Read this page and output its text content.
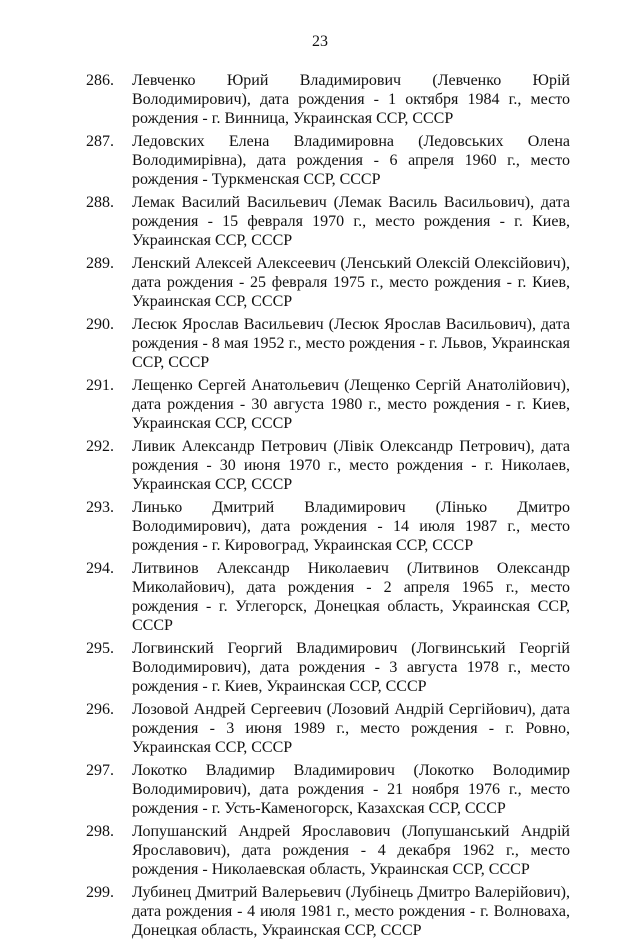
23
286.	Левченко Юрий Владимирович (Левченко Юрій Володимирович), дата рождения - 1 октября 1984 г., место рождения - г. Винница, Украинская ССР, СССР
287.	Ледовских Елена Владимировна (Ледовських Олена Володимирівна), дата рождения - 6 апреля 1960 г., место рождения - Туркменская ССР, СССР
288.	Лемак Василий Васильевич (Лемак Василь Васильович), дата рождения - 15 февраля 1970 г., место рождения - г. Киев, Украинская ССР, СССР
289.	Ленский Алексей Алексеевич (Ленський Олексій Олексійович), дата рождения - 25 февраля 1975 г., место рождения - г. Киев, Украинская ССР, СССР
290.	Лесюк Ярослав Васильевич (Лесюк Ярослав Васильович), дата рождения - 8 мая 1952 г., место рождения - г. Львов, Украинская ССР, СССР
291.	Лещенко Сергей Анатольевич (Лещенко Сергій Анатолійович), дата рождения - 30 августа 1980 г., место рождения - г. Киев, Украинская ССР, СССР
292.	Ливик Александр Петрович (Лівік Олександр Петрович), дата рождения - 30 июня 1970 г., место рождения - г. Николаев, Украинская ССР, СССР
293.	Линько Дмитрий Владимирович (Лінько Дмитро Володимирович), дата рождения - 14 июля 1987 г., место рождения - г. Кировоград, Украинская ССР, СССР
294.	Литвинов Александр Николаевич (Литвинов Олександр Миколайович), дата рождения - 2 апреля 1965 г., место рождения - г. Углегорск, Донецкая область, Украинская ССР, СССР
295.	Логвинский Георгий Владимирович (Логвинський Георгій Володимирович), дата рождения - 3 августа 1978 г., место рождения - г. Киев, Украинская ССР, СССР
296.	Лозовой Андрей Сергеевич (Лозовий Андрій Сергійович), дата рождения - 3 июня 1989 г., место рождения - г. Ровно, Украинская ССР, СССР
297.	Локотко Владимир Владимирович (Локотко Володимир Володимирович), дата рождения - 21 ноября 1976 г., место рождения - г. Усть-Каменогорск, Казахская ССР, СССР
298.	Лопушанский Андрей Ярославович (Лопушанський Андрій Ярославович), дата рождения - 4 декабря 1962 г., место рождения - Николаевская область, Украинская ССР, СССР
299.	Лубинец Дмитрий Валерьевич (Лубінець Дмитро Валерійович), дата рождения - 4 июля 1981 г., место рождения - г. Волноваха, Донецкая область, Украинская ССР, СССР
